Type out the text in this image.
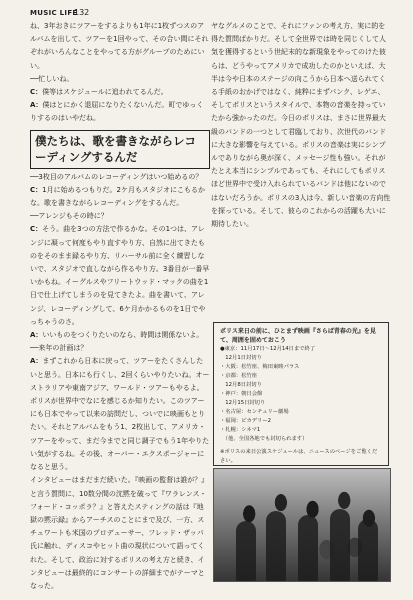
MUSIC LIFE
132

ね、3年おきにツアーをするよりも1年に1枚ずつスのアルバムを出して、ツアーを1回やって、その合い間にそれぞれがいろんなことをやってる方がグループのためにいい。

──忙しいね。

C：僕等はスケジュールに追われてるんだ。

A：僕はとにかく退屈になりたくないんだ。町でゆっくりするのはいやだね。

僕たちは、歌を書きながらレコーディングするんだ

──3枚目のアルバムのレコーディングはいつ始めるの？

C：1月に始めるつもりだ。2ケ月もスタジオにこもるかな。歌を書きながらレコーディングをするんだ。

──アレンジもその時に？

C：そう。曲を3つの方法で作るかな。その1つは、アレンジに凝って何度もやり直すやり方、自然に出てきたものをそのまま録るやり方、リハーサル前に全く練習しないで、スタジオで直しながら作るやり方。3番目が一番早いかもね。イーグルスやフリートウッド・マックの曲を1日で仕上げてしまうのを見てきたよ。曲を書いて、アレンジ、レコーディングして、6ケ月かかるものを1日でやっちゃうのさ。

A：いいものをつくりたいのなら、時間は関係ないよ。

──来年の計画は？

A：まずこれから日本に戻って、ツアーをたくさんしたいと思う。日本にも行くし、2回くらいやりたいね。オーストラリアや東南アジア、ワールド・ツアーもやるよ。ポリスが世界中でなにを感じるか知りたい。このツアーにも日本でやって以来の訪問だし、ついでに映画もとりたい。それとアルバムをもう1、2枚出して、アメリカ・ツアーをやって、まだ今までと同じ調子でもう1年やりたい気がするね。その後、オーバー・エクスポージャーになると思う。

インタビューはまだまだ続いた。『映画の監督は誰が？』と言う質問に、10数分間の沈黙を破って『ワラレンス・フォード・コッポラ？』と答えたスティングの話は『地獄の黙示録』からアーチスのことにまで及び、一方、スチュワートも米国のプロデューサー、フレッド・ザッパ氏に触れ、ディスコやヒット曲の現状について語ってくれた。そして、政治に対するポリスの考え方と続き、インタビューは最終的にコンサートの詳細までがテーマとなった。

ヤなグルメのことで、それにファンの考え方、実に的を得た質問ばかりだ。そして全世界では時を同じくして人気を獲得するという世紀末的な新現象をやってのけた彼らは、どうやってアメリカで成功したのかといえば、大半は今や日本のステージの向こうから日本へ送られてくる手紙のおかげではなく、純粋にまずパンク、レゲエ、そしてポリスというスタイルで、本物の音楽を持っていたから強かったのだ。今日のポリスは、まさに世界最大級のバンドの一つとして君臨しており、次世代のバンドに大きな影響を与えている。ポリスの音楽は実にシンプルでありながら奥が深く、メッセージ性も強い。それがたとえ本当にシンプルであっても、それにしてもポリスほど世界中で受け入れられているバンドは他にないのではないだろうか。ポリスの3人は今、新しい音楽の方向性を探っている。そして、彼らのこれからの活躍も大いに期待したい。

ポリス来日の前に、ひとまず映画『さらば青春の光』を見て、周囲を固めておこう
●東京：11月17日〜12月14日まで終了
　12月1日封切り
・大阪：松竹座、梅田東映パラス
・京都：松竹座
　12月8日封切り
・神戸：朝日会館
　12月15日封切り
・名古屋：センチュリー劇場
・福岡：ピカデリー2
・札幌：シネマ1
　（他、全国各地でも封切られます）
※ポリスの来日公演スケジュールは、ニュースのページをご覧ください。
